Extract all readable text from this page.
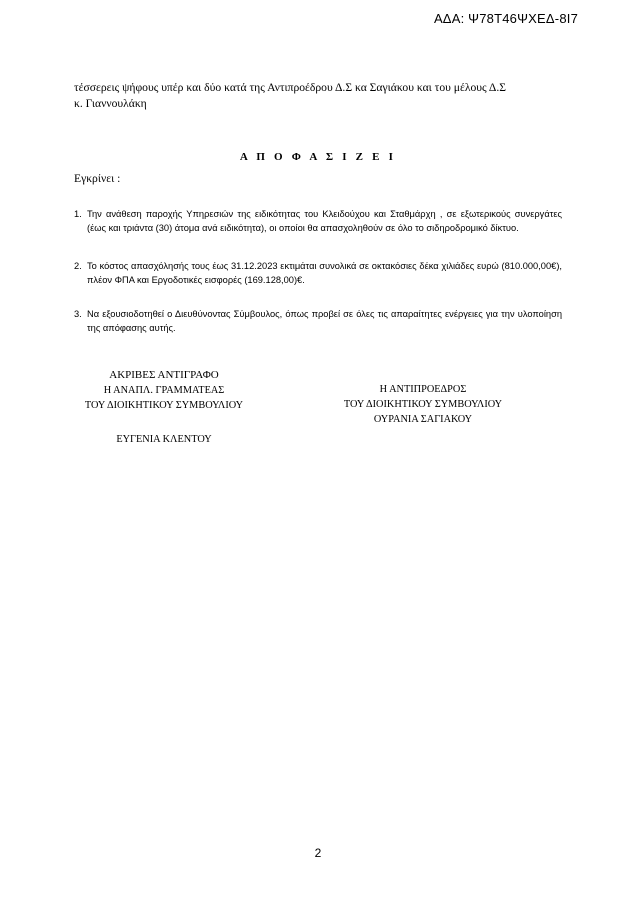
ΑΔΑ: Ψ78Τ46ΨΧΕΔ-8Ι7
τέσσερεις ψήφους υπέρ και δύο κατά της Αντιπροέδρου Δ.Σ κα Σαγιάκου και του μέλους Δ.Σ
κ. Γιαννουλάκη
Α Π Ο Φ Α Σ Ι Ζ Ε Ι
Εγκρίνει :
1. Την ανάθεση παροχής Υπηρεσιών της ειδικότητας του Κλειδούχου και Σταθμάρχη , σε εξωτερικούς συνεργάτες (έως και τριάντα (30) άτομα ανά ειδικότητα), οι οποίοι θα απασχοληθούν σε όλο το σιδηροδρομικό δίκτυο.
2. Το κόστος απασχόλησής τους έως 31.12.2023 εκτιμάται συνολικά σε οκτακόσιες δέκα χιλιάδες ευρώ (810.000,00€), πλέον ΦΠΑ και Εργοδοτικές εισφορές (169.128,00)€.
3. Να εξουσιοδοτηθεί ο Διευθύνοντας Σύμβουλος, όπως προβεί σε όλες τις απαραίτητες ενέργειες για την υλοποίηση της απόφασης αυτής.
ΑΚΡΙΒΕΣ ΑΝΤΙΓΡΑΦΟ
Η ΑΝΑΠΛ. ΓΡΑΜΜΑΤΕΑΣ
ΤΟΥ ΔΙΟΙΚΗΤΙΚΟΥ ΣΥΜΒΟΥΛΙΟΥ
ΕΥΓΕΝΙΑ ΚΛΕΝΤΟΥ
Η ΑΝΤΙΠΡΟΕΔΡΟΣ
ΤΟΥ ΔΙΟΙΚΗΤΙΚΟΥ ΣΥΜΒΟΥΛΙΟΥ
ΟΥΡΑΝΙΑ ΣΑΓΙΑΚΟΥ
2
